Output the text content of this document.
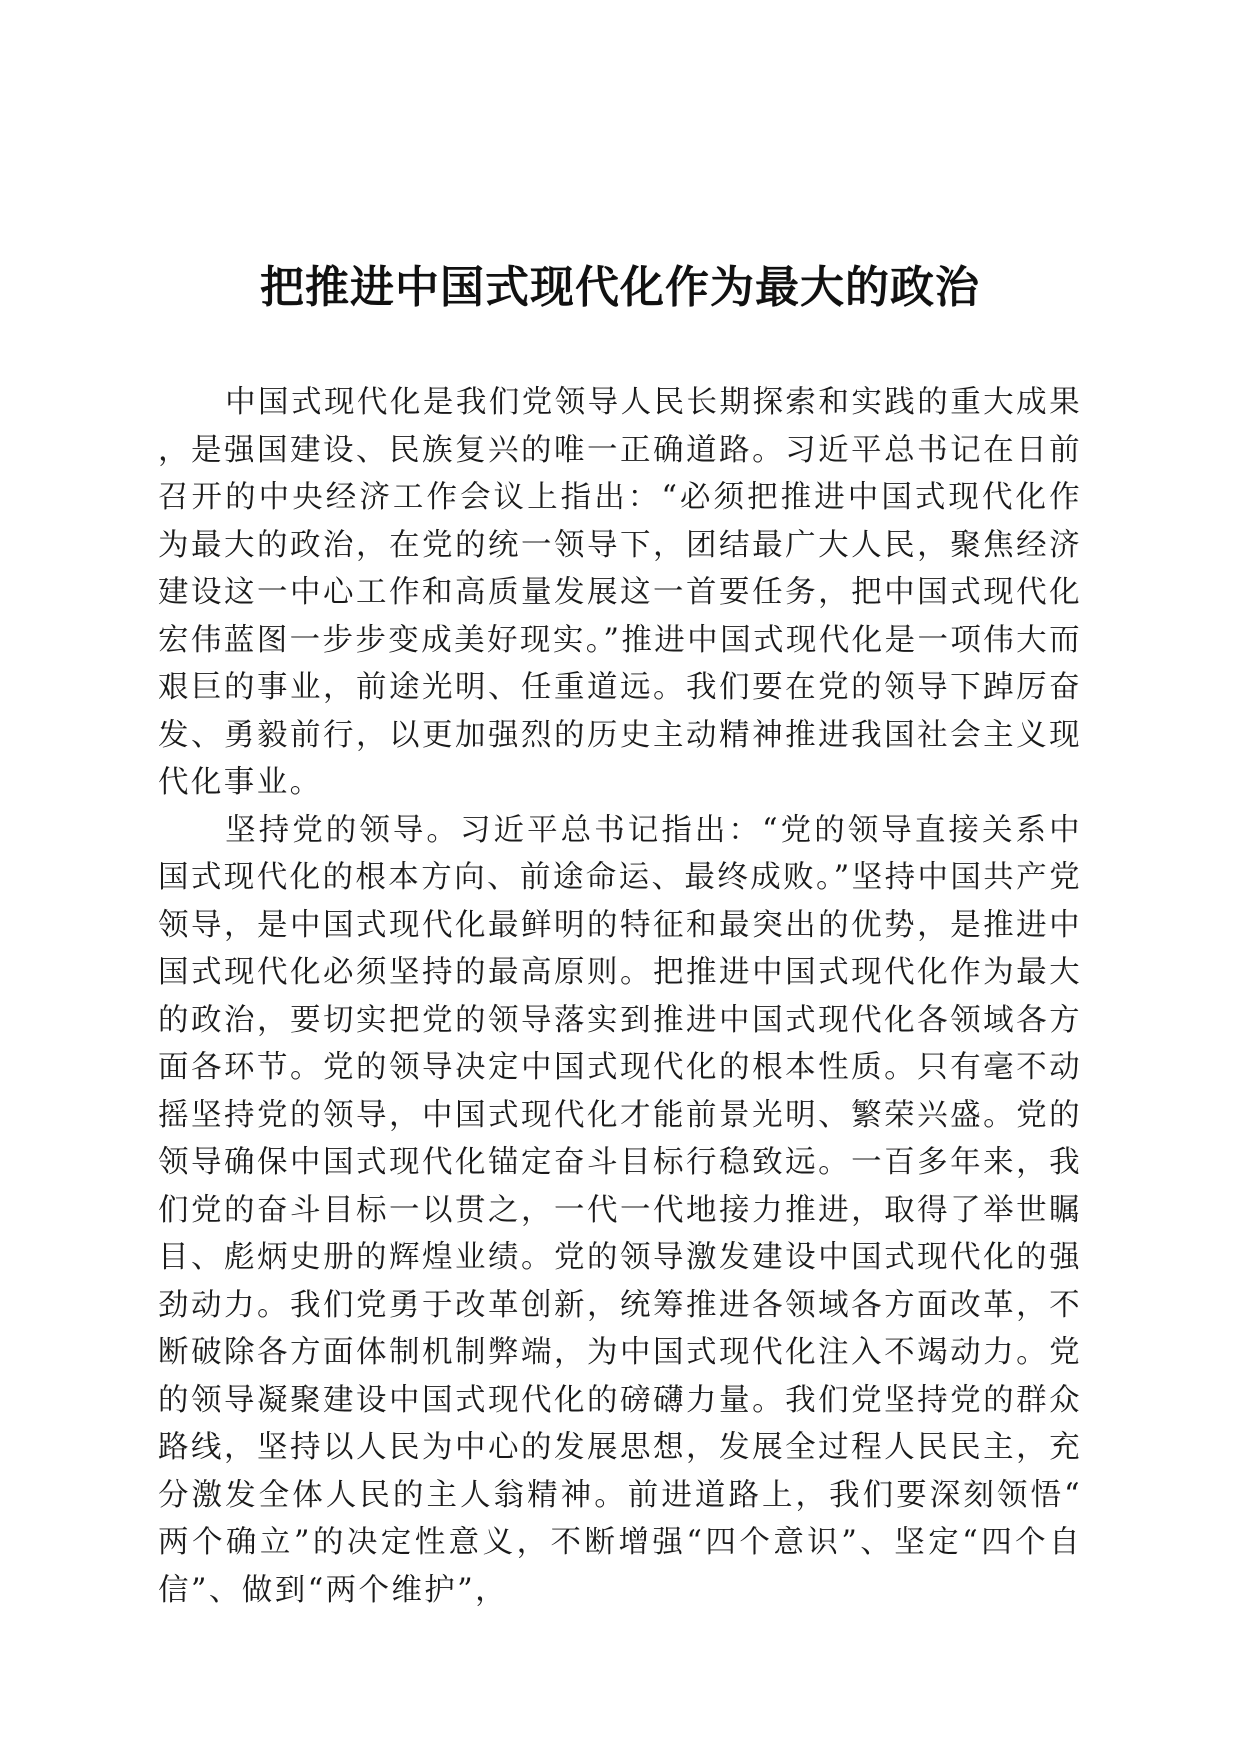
把推进中国式现代化作为最大的政治

中国式现代化是我们党领导人民长期探索和实践的重大成果，是强国建设、民族复兴的唯一正确道路。习近平总书记在日前召开的中央经济工作会议上指出：“必须把推进中国式现代化作为最大的政治，在党的统一领导下，团结最广大人民，聚焦经济建设这一中心工作和高质量发展这一首要任务，把中国式现代化宏伟蓝图一步步变成美好现实。”推进中国式现代化是一项伟大而艰巨的事业，前途光明、任重道远。我们要在党的领导下踔厉奋发、勇毅前行，以更加强烈的历史主动精神推进我国社会主义现代化事业。

坚持党的领导。习近平总书记指出：“党的领导直接关系中国式现代化的根本方向、前途命运、最终成败。”坚持中国共产党领导，是中国式现代化最鲜明的特征和最突出的优势，是推进中国式现代化必须坚持的最高原则。把推进中国式现代化作为最大的政治，要切实把党的领导落实到推进中国式现代化各领域各方面各环节。党的领导决定中国式现代化的根本性质。只有毫不动摇坚持党的领导，中国式现代化才能前景光明、繁荣兴盛。党的领导确保中国式现代化锚定奋斗目标行稳致远。一百多年来，我们党的奋斗目标一以贯之，一代一代地接力推进，取得了举世瞩目、彪炳史册的辉煌业绩。党的领导激发建设中国式现代化的强劲动力。我们党勇于改革创新，统筹推进各领域各方面改革，不断破除各方面体制机制弊端，为中国式现代化注入不竭动力。党的领导凝聚建设中国式现代化的磅礴力量。我们党坚持党的群众路线，坚持以人民为中心的发展思想，发展全过程人民民主，充分激发全体人民的主人翁精神。前进道路上，我们要深刻领悟“两个确立”的决定性意义，不断增强“四个意识”、坚定“四个自信”、做到“两个维护”，
